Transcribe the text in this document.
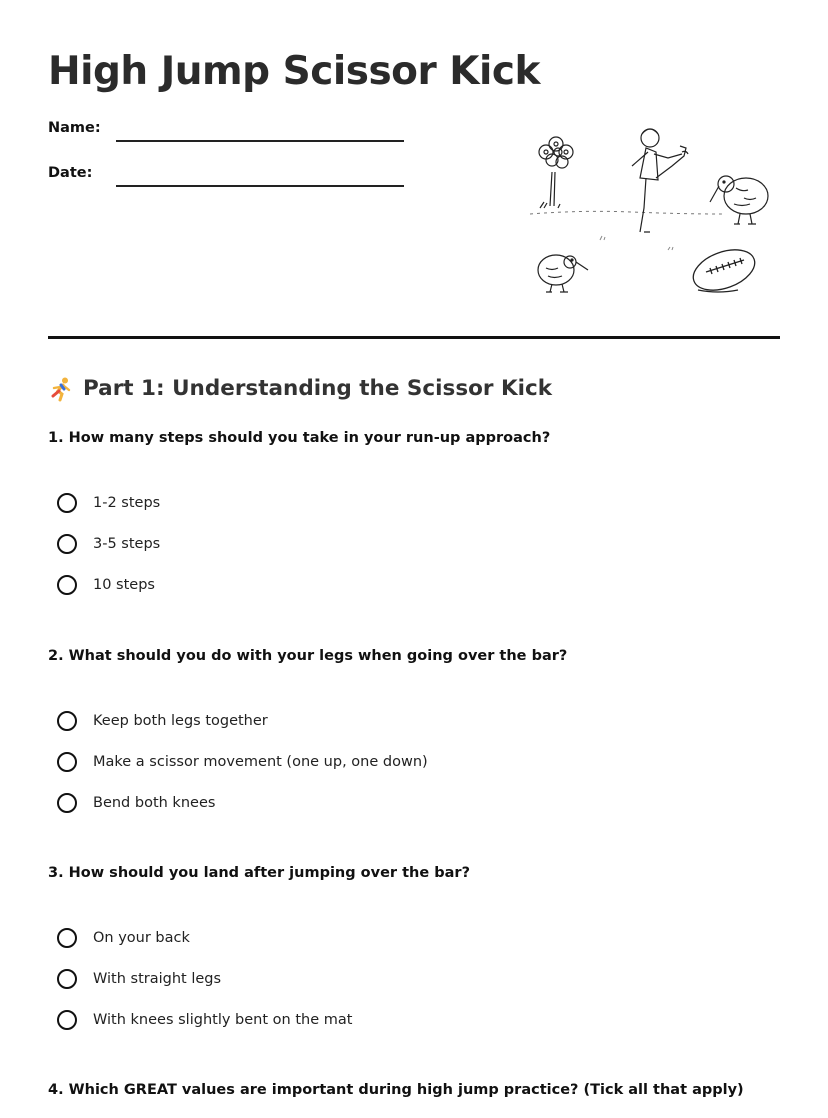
High Jump Scissor Kick
Name:
Date:
Part 1: Understanding the Scissor Kick

1. How many steps should you take in your run-up approach?

1-2 steps
3-5 steps
10 steps

2. What should you do with your legs when going over the bar?

Keep both legs together
Make a scissor movement (one up, one down)
Bend both knees

3. How should you land after jumping over the bar?

On your back
With straight legs
With knees slightly bent on the mat

4. Which GREAT values are important during high jump practice? (Tick all that apply)
